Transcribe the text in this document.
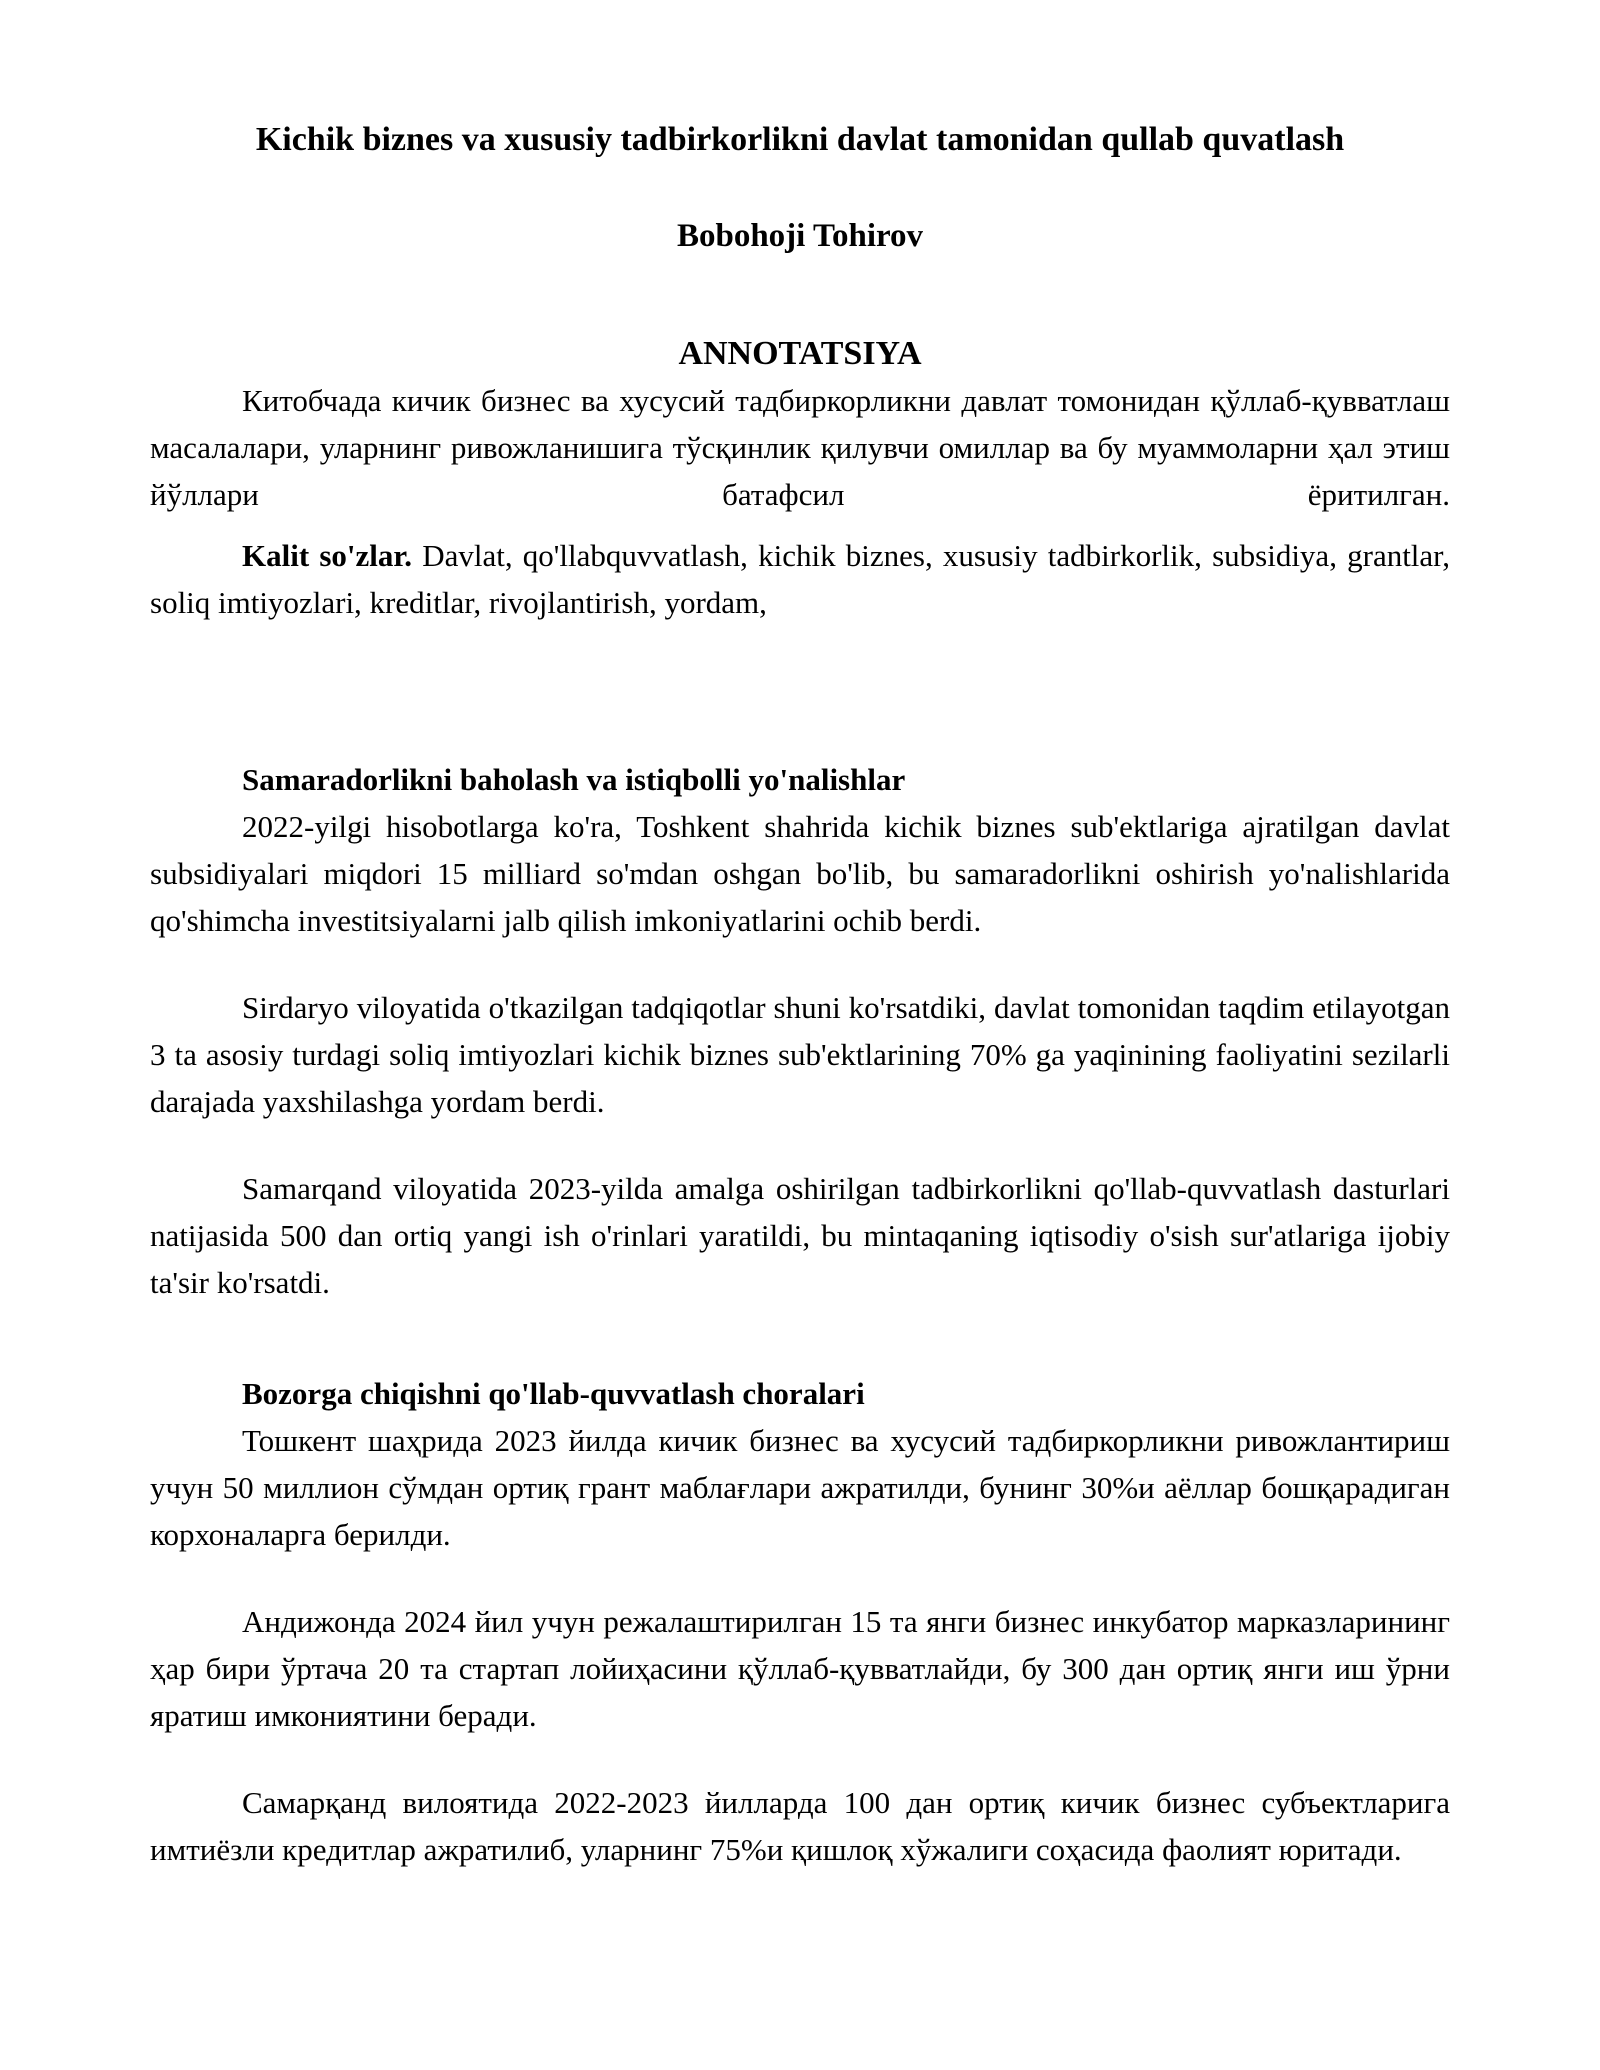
Kichik biznes va xususiy tadbirkorlikni davlat tamonidan qullab quvatlash

Bobohoji Tohirov

ANNOTATSIYA

Китобчада кичик бизнес ва хусусий тадбиркорликни давлат томонидан қўллаб-қувватлаш масалалари, уларнинг ривожланишига тўсқинлик қилувчи омиллар ва бу муаммоларни ҳал этиш йўллари батафсил ёритилган.

Kalit so'zlar. Davlat, qo'llabquvvatlash, kichik biznes, xususiy tadbirkorlik, subsidiya, grantlar, soliq imtiyozlari, kreditlar, rivojlantirish, yordam,

Samaradorlikni baholash va istiqbolli yo'nalishlar

2022-yilgi hisobotlarga ko'ra, Toshkent shahrida kichik biznes sub'ektlariga ajratilgan davlat subsidiyalari miqdori 15 milliard so'mdan oshgan bo'lib, bu samaradorlikni oshirish yo'nalishlarida qo'shimcha investitsiyalarni jalb qilish imkoniyatlarini ochib berdi.

Sirdaryo viloyatida o'tkazilgan tadqiqotlar shuni ko'rsatdiki, davlat tomonidan taqdim etilayotgan 3 ta asosiy turdagi soliq imtiyozlari kichik biznes sub'ektlarining 70% ga yaqinining faoliyatini sezilarli darajada yaxshilashga yordam berdi.

Samarqand viloyatida 2023-yilda amalga oshirilgan tadbirkorlikni qo'llab-quvvatlash dasturlari natijasida 500 dan ortiq yangi ish o'rinlari yaratildi, bu mintaqaning iqtisodiy o'sish sur'atlariga ijobiy ta'sir ko'rsatdi.

Bozorga chiqishni qo'llab-quvvatlash choralari

Тошкент шаҳрида 2023 йилда кичик бизнес ва хусусий тадбиркорликни ривожлантириш учун 50 миллион сўмдан ортиқ грант маблағлари ажратилди, бунинг 30%и аёллар бошқарадиган корхоналарга берилди.

Андижонда 2024 йил учун режалаштирилган 15 та янги бизнес инкубатор марказларининг ҳар бири ўртача 20 та стартап лойиҳасини қўллаб-қувватлайди, бу 300 дан ортиқ янги иш ўрни яратиш имкониятини беради.

Самарқанд вилоятида 2022-2023 йилларда 100 дан ортиқ кичик бизнес субъектларига имтиёзли кредитлар ажратилиб, уларнинг 75%и қишлоқ хўжалиги соҳасида фаолият юритади.
